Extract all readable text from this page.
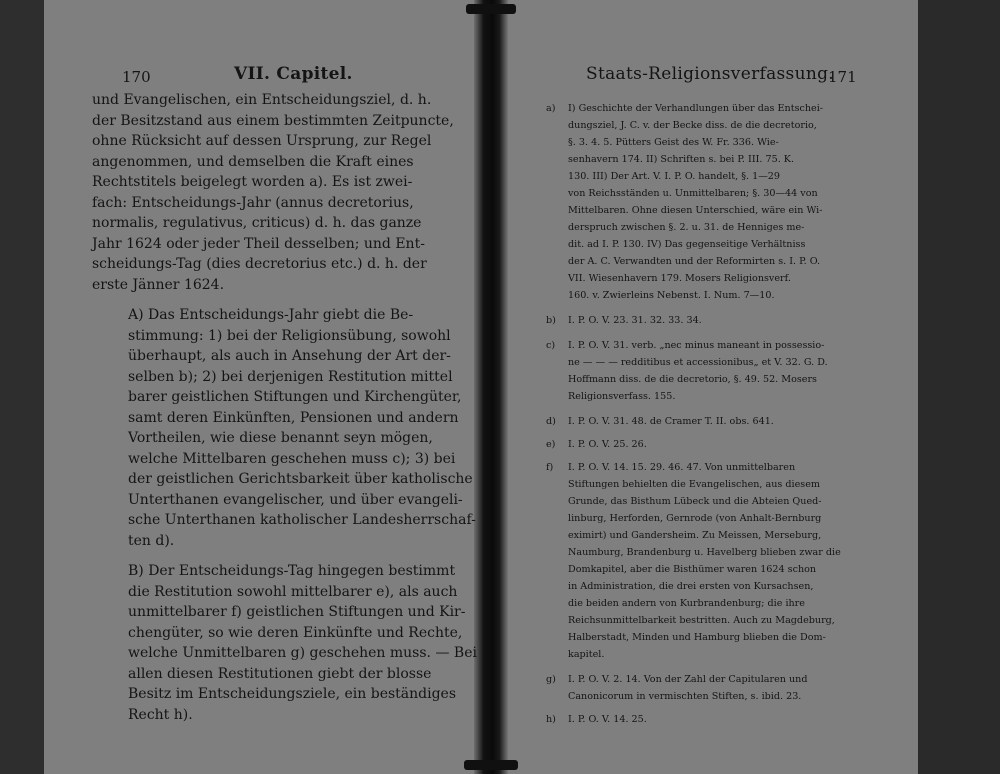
170	VII. Capitel.

und Evangelischen, ein Entscheidungsziel, d. h.
der Besitzstand aus einem bestimmten Zeitpuncte,
ohne Rücksicht auf dessen Ursprung, zur Regel
angenommen, und demselben die Kraft eines
Rechtstitels beigelegt worden a). Es ist zwei-
fach: Entscheidungs-Jahr (annus decretorius,
normalis, regulativus, criticus) d. h. das ganze
Jahr 1624 oder jeder Theil desselben; und Ent-
scheidungs-Tag (dies decretorius etc.) d. h. der
erste Jänner 1624.

A) Das Entscheidungs-Jahr giebt die Be-
stimmung: 1) bei der Religionsübung, sowohl
überhaupt, als auch in Ansehung der Art der-
selben b); 2) bei derjenigen Restitution mittel
barer geistlichen Stiftungen und Kirchengüter,
samt deren Einkünften, Pensionen und andern
Vortheilen, wie diese benannt seyn mögen,
welche Mittelbaren geschehen muss c); 3) bei
der geistlichen Gerichtsbarkeit über katholische
Unterthanen evangelischer, und über evangeli-
sche Unterthanen katholischer Landesherrschaf-
ten d).

B) Der Entscheidungs-Tag hingegen bestimmt
die Restitution sowohl mittelbarer e), als auch
unmittelbarer f) geistlichen Stiftungen und Kir-
chengüter, so wie deren Einkünfte und Rechte,
welche Unmittelbaren g) geschehen muss. — Bei
allen diesen Restitutionen giebt der blosse
Besitz im Entscheidungsziele, ein beständiges
Recht h).

Staats-Religionsverfassung.
171
a) I) Geschichte der Verhandlungen über das Entschei-
dungsziel, J. C. v. der Becke diss. de die decretorio,
§. 3. 4. 5. Pütters Geist des W. Fr. 336. Wie-
senhavern 174. II) Schriften s. bei P. III. 75. K.
130. III) Der Art. V. I. P. O. handelt, §. 1—29
von Reichsständen u. Unmittelbaren; §. 30—44 von
Mittelbaren. Ohne diesen Unterschied, wäre ein Wi-
derspruch zwischen §. 2. u. 31. de Henniges me-
dit. ad I. P. 130. IV) Das gegenseitige Verhältniss
der A. C. Verwandten und der Reformirten s. I. P. O.
VII. Wiesenhavern 179. Mosers Religionsverf.
160. v. Zwierleins Nebenst. I. Num. 7—10.
b) I. P. O. V. 23. 31. 32. 33. 34.
c) I. P. O. V. 31. verb. „nec minus maneant in possessio-
ne — — — redditibus et accessionibus„ et V. 32. G. D.
Hoffmann diss. de die decretorio, §. 49. 52. Mosers
Religionsverfass. 155.
d) I. P. O. V. 31. 48. de Cramer T. II. obs. 641.
e) I. P. O. V. 25. 26.
f) I. P. O. V. 14. 15. 29. 46. 47. Von unmittelbaren
Stiftungen behielten die Evangelischen, aus diesem
Grunde, das Bisthum Lübeck und die Abteien Qued-
linburg, Herforden, Gernrode (von Anhalt-Bernburg
eximirt) und Gandersheim. Zu Meissen, Merseburg,
Naumburg, Brandenburg u. Havelberg blieben zwar die
Domkapitel, aber die Bisthümer waren 1624 schon
in Administration, die drei ersten von Kursachsen,
die beiden andern von Kurbrandenburg; die ihre
Reichsunmittelbarkeit bestritten. Auch zu Magdeburg,
Halberstadt, Minden und Hamburg blieben die Dom-
kapitel.
g) I. P. O. V. 2. 14. Von der Zahl der Capitularen und
Canonicorum in vermischten Stiften, s. ibid. 23.
h) I. P. O. V. 14. 25.
